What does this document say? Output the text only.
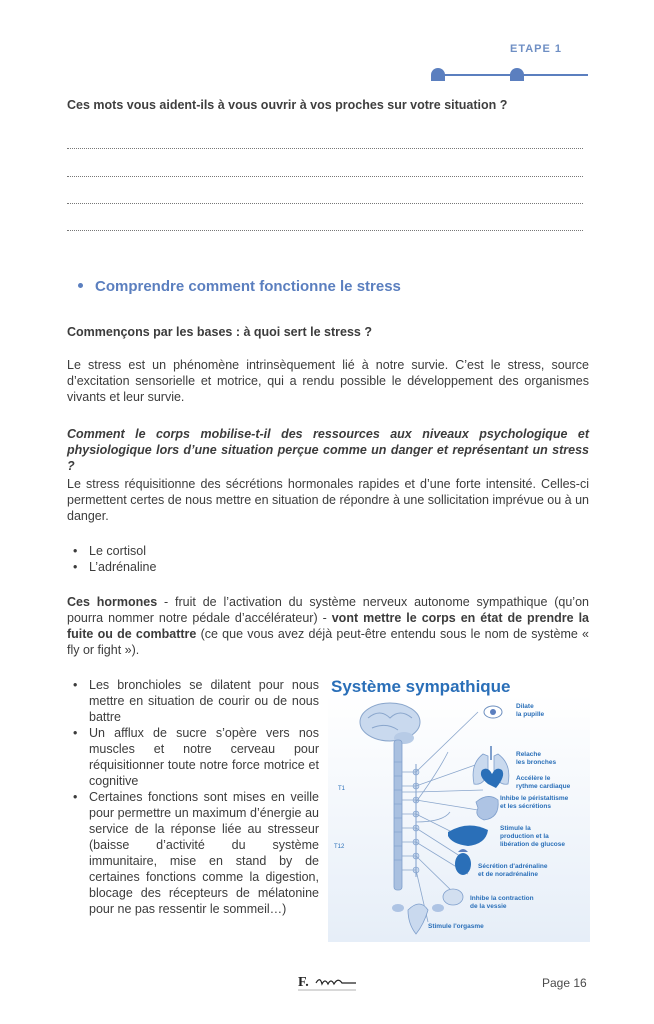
ETAPE 1
Ces mots vous aident-ils à vous ouvrir à vos proches sur votre situation ?
Comprendre comment fonctionne le stress
Commençons par les bases : à quoi sert le stress ?
Le stress est un phénomène intrinsèquement lié à notre survie. C’est le stress, source d’excitation sensorielle et motrice, qui a rendu possible le développement des organismes vivants et leur survie.
Comment le corps mobilise-t-il des ressources aux niveaux psychologique et physiologique lors d’une situation perçue comme un danger et représentant un stress ?
Le stress réquisitionne des sécrétions hormonales rapides et d’une forte intensité. Celles-ci permettent certes de nous mettre en situation de répondre à une sollicitation imprévue ou à un danger.
• Le cortisol
• L’adrénaline
Ces hormones - fruit de l’activation du système nerveux autonome sympathique (qu’on pourra nommer notre pédale d’accélérateur) - vont mettre le corps en état de prendre la fuite ou de combattre (ce que vous avez déjà peut-être entendu sous le nom de système « fly or fight »).
• Les bronchioles se dilatent pour nous mettre en situation de courir ou de nous battre
• Un afflux de sucre s’opère vers nos muscles et notre cerveau pour réquisitionner toute notre force motrice et cognitive
• Certaines fonctions sont mises en veille pour permettre un maximum d’énergie au service de la réponse liée au stresseur (baisse d’activité du système immunitaire, mise en stand by de certaines fonctions comme la digestion, blocage des récepteurs de mélatonine pour ne pas ressentir le sommeil…)
Système sympathique
T1
T12
Dilate la pupille
Relache les bronches
Accélère le rythme cardiaque
Inhibe le péristaltisme et les sécrétions
Stimule la production et la libération de glucose
Sécrétion d'adrénaline et de noradrénaline
Inhibe la contraction de la vessie
Stimule l'orgasme
F.	Page 16
